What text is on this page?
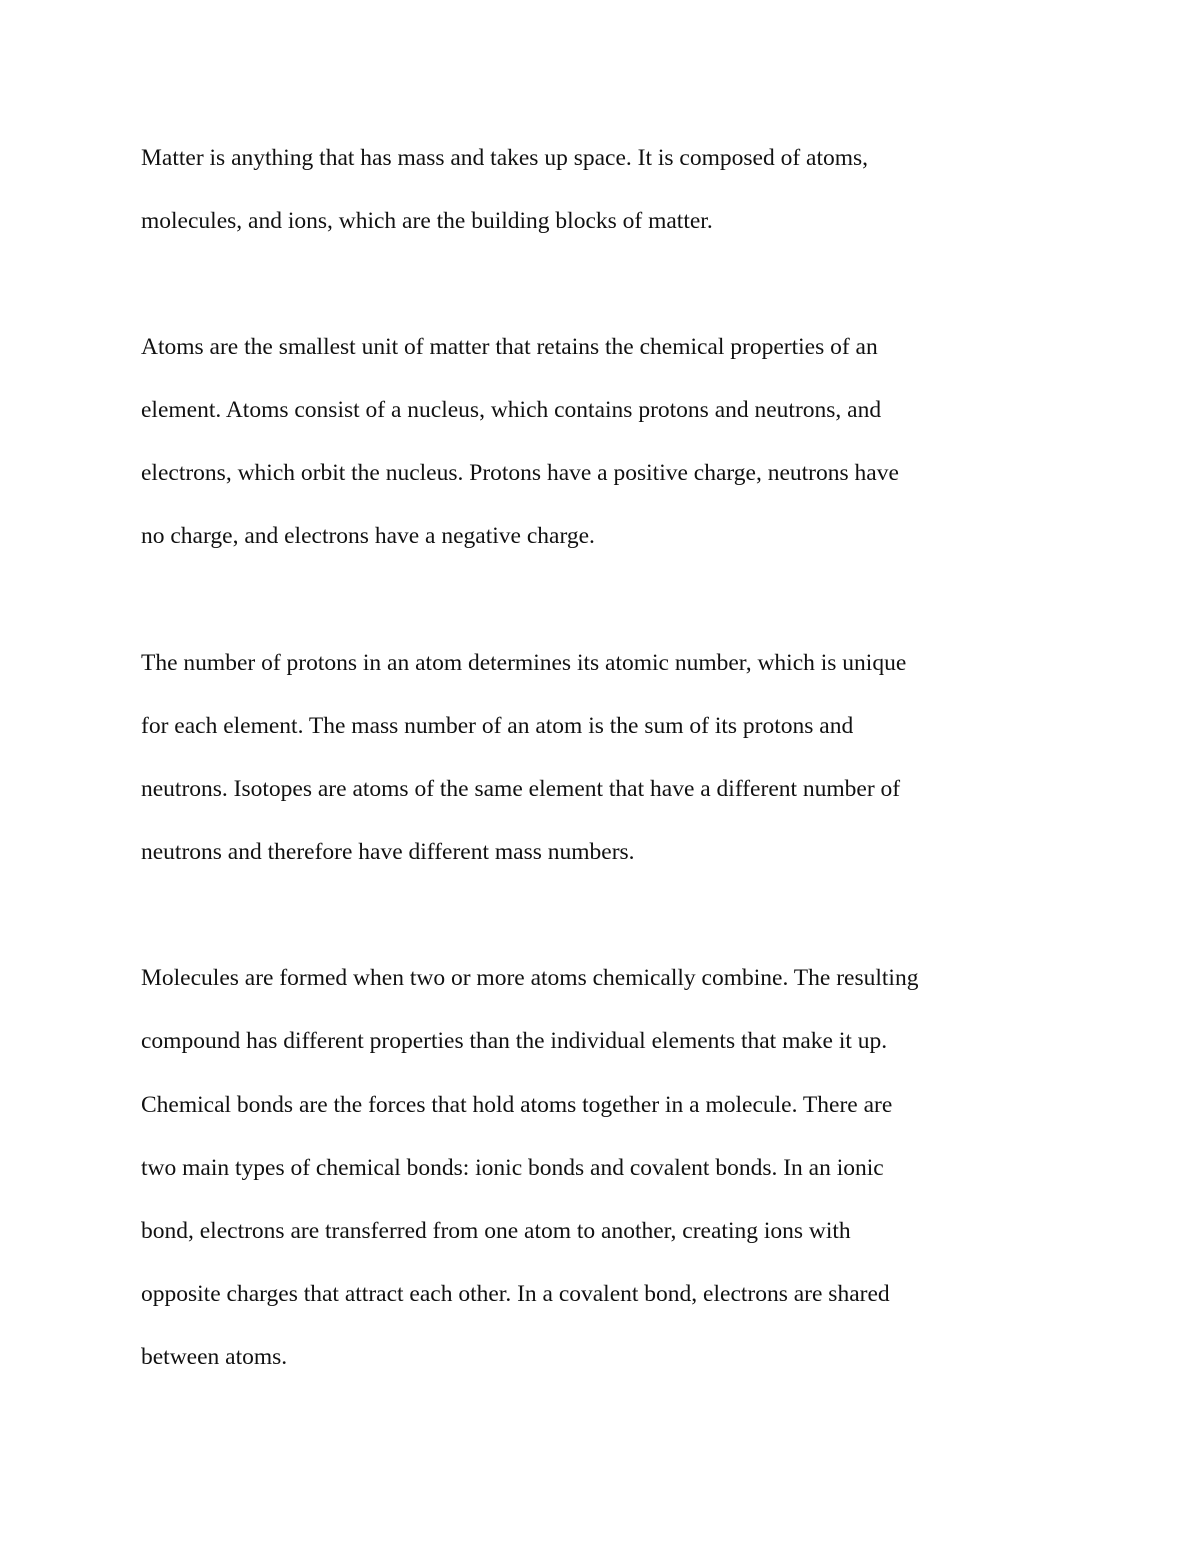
Matter is anything that has mass and takes up space. It is composed of atoms,

molecules, and ions, which are the building blocks of matter.

Atoms are the smallest unit of matter that retains the chemical properties of an

element. Atoms consist of a nucleus, which contains protons and neutrons, and

electrons, which orbit the nucleus. Protons have a positive charge, neutrons have

no charge, and electrons have a negative charge.

The number of protons in an atom determines its atomic number, which is unique

for each element. The mass number of an atom is the sum of its protons and

neutrons. Isotopes are atoms of the same element that have a different number of

neutrons and therefore have different mass numbers.

Molecules are formed when two or more atoms chemically combine. The resulting

compound has different properties than the individual elements that make it up.

Chemical bonds are the forces that hold atoms together in a molecule. There are

two main types of chemical bonds: ionic bonds and covalent bonds. In an ionic

bond, electrons are transferred from one atom to another, creating ions with

opposite charges that attract each other. In a covalent bond, electrons are shared

between atoms.
